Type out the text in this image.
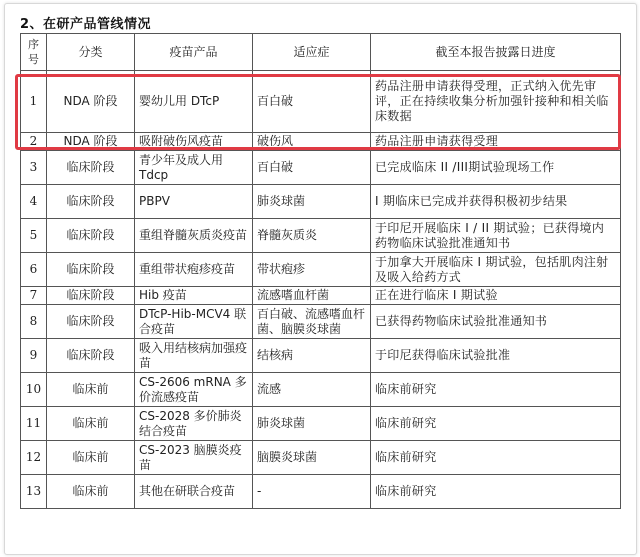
2、在研产品管线情况
序号	分类	疫苗产品	适应症	截至本报告披露日进度
1	NDA 阶段	婴幼儿用 DTcP	百白破	药品注册申请获得受理，正式纳入优先审评，正在持续收集分析加强针接种和相关临床数据
2	NDA 阶段	吸附破伤风疫苗	破伤风	药品注册申请获得受理
3	临床阶段	青少年及成人用 Tdcp	百白破	已完成临床 II /III期试验现场工作
4	临床阶段	PBPV	肺炎球菌	I 期临床已完成并获得积极初步结果
5	临床阶段	重组脊髓灰质炎疫苗	脊髓灰质炎	于印尼开展临床 I / II 期试验；已获得境内药物临床试验批准通知书
6	临床阶段	重组带状疱疹疫苗	带状疱疹	于加拿大开展临床 I 期试验，包括肌肉注射及吸入给药方式
7	临床阶段	Hib 疫苗	流感嗜血杆菌	正在进行临床 I 期试验
8	临床阶段	DTcP-Hib-MCV4 联合疫苗	百白破、流感嗜血杆菌、脑膜炎球菌	已获得药物临床试验批准通知书
9	临床阶段	吸入用结核病加强疫苗	结核病	于印尼获得临床试验批准
10	临床前	CS-2606 mRNA 多价流感疫苗	流感	临床前研究
11	临床前	CS-2028 多价肺炎结合疫苗	肺炎球菌	临床前研究
12	临床前	CS-2023 脑膜炎疫苗	脑膜炎球菌	临床前研究
13	临床前	其他在研联合疫苗	-	临床前研究
